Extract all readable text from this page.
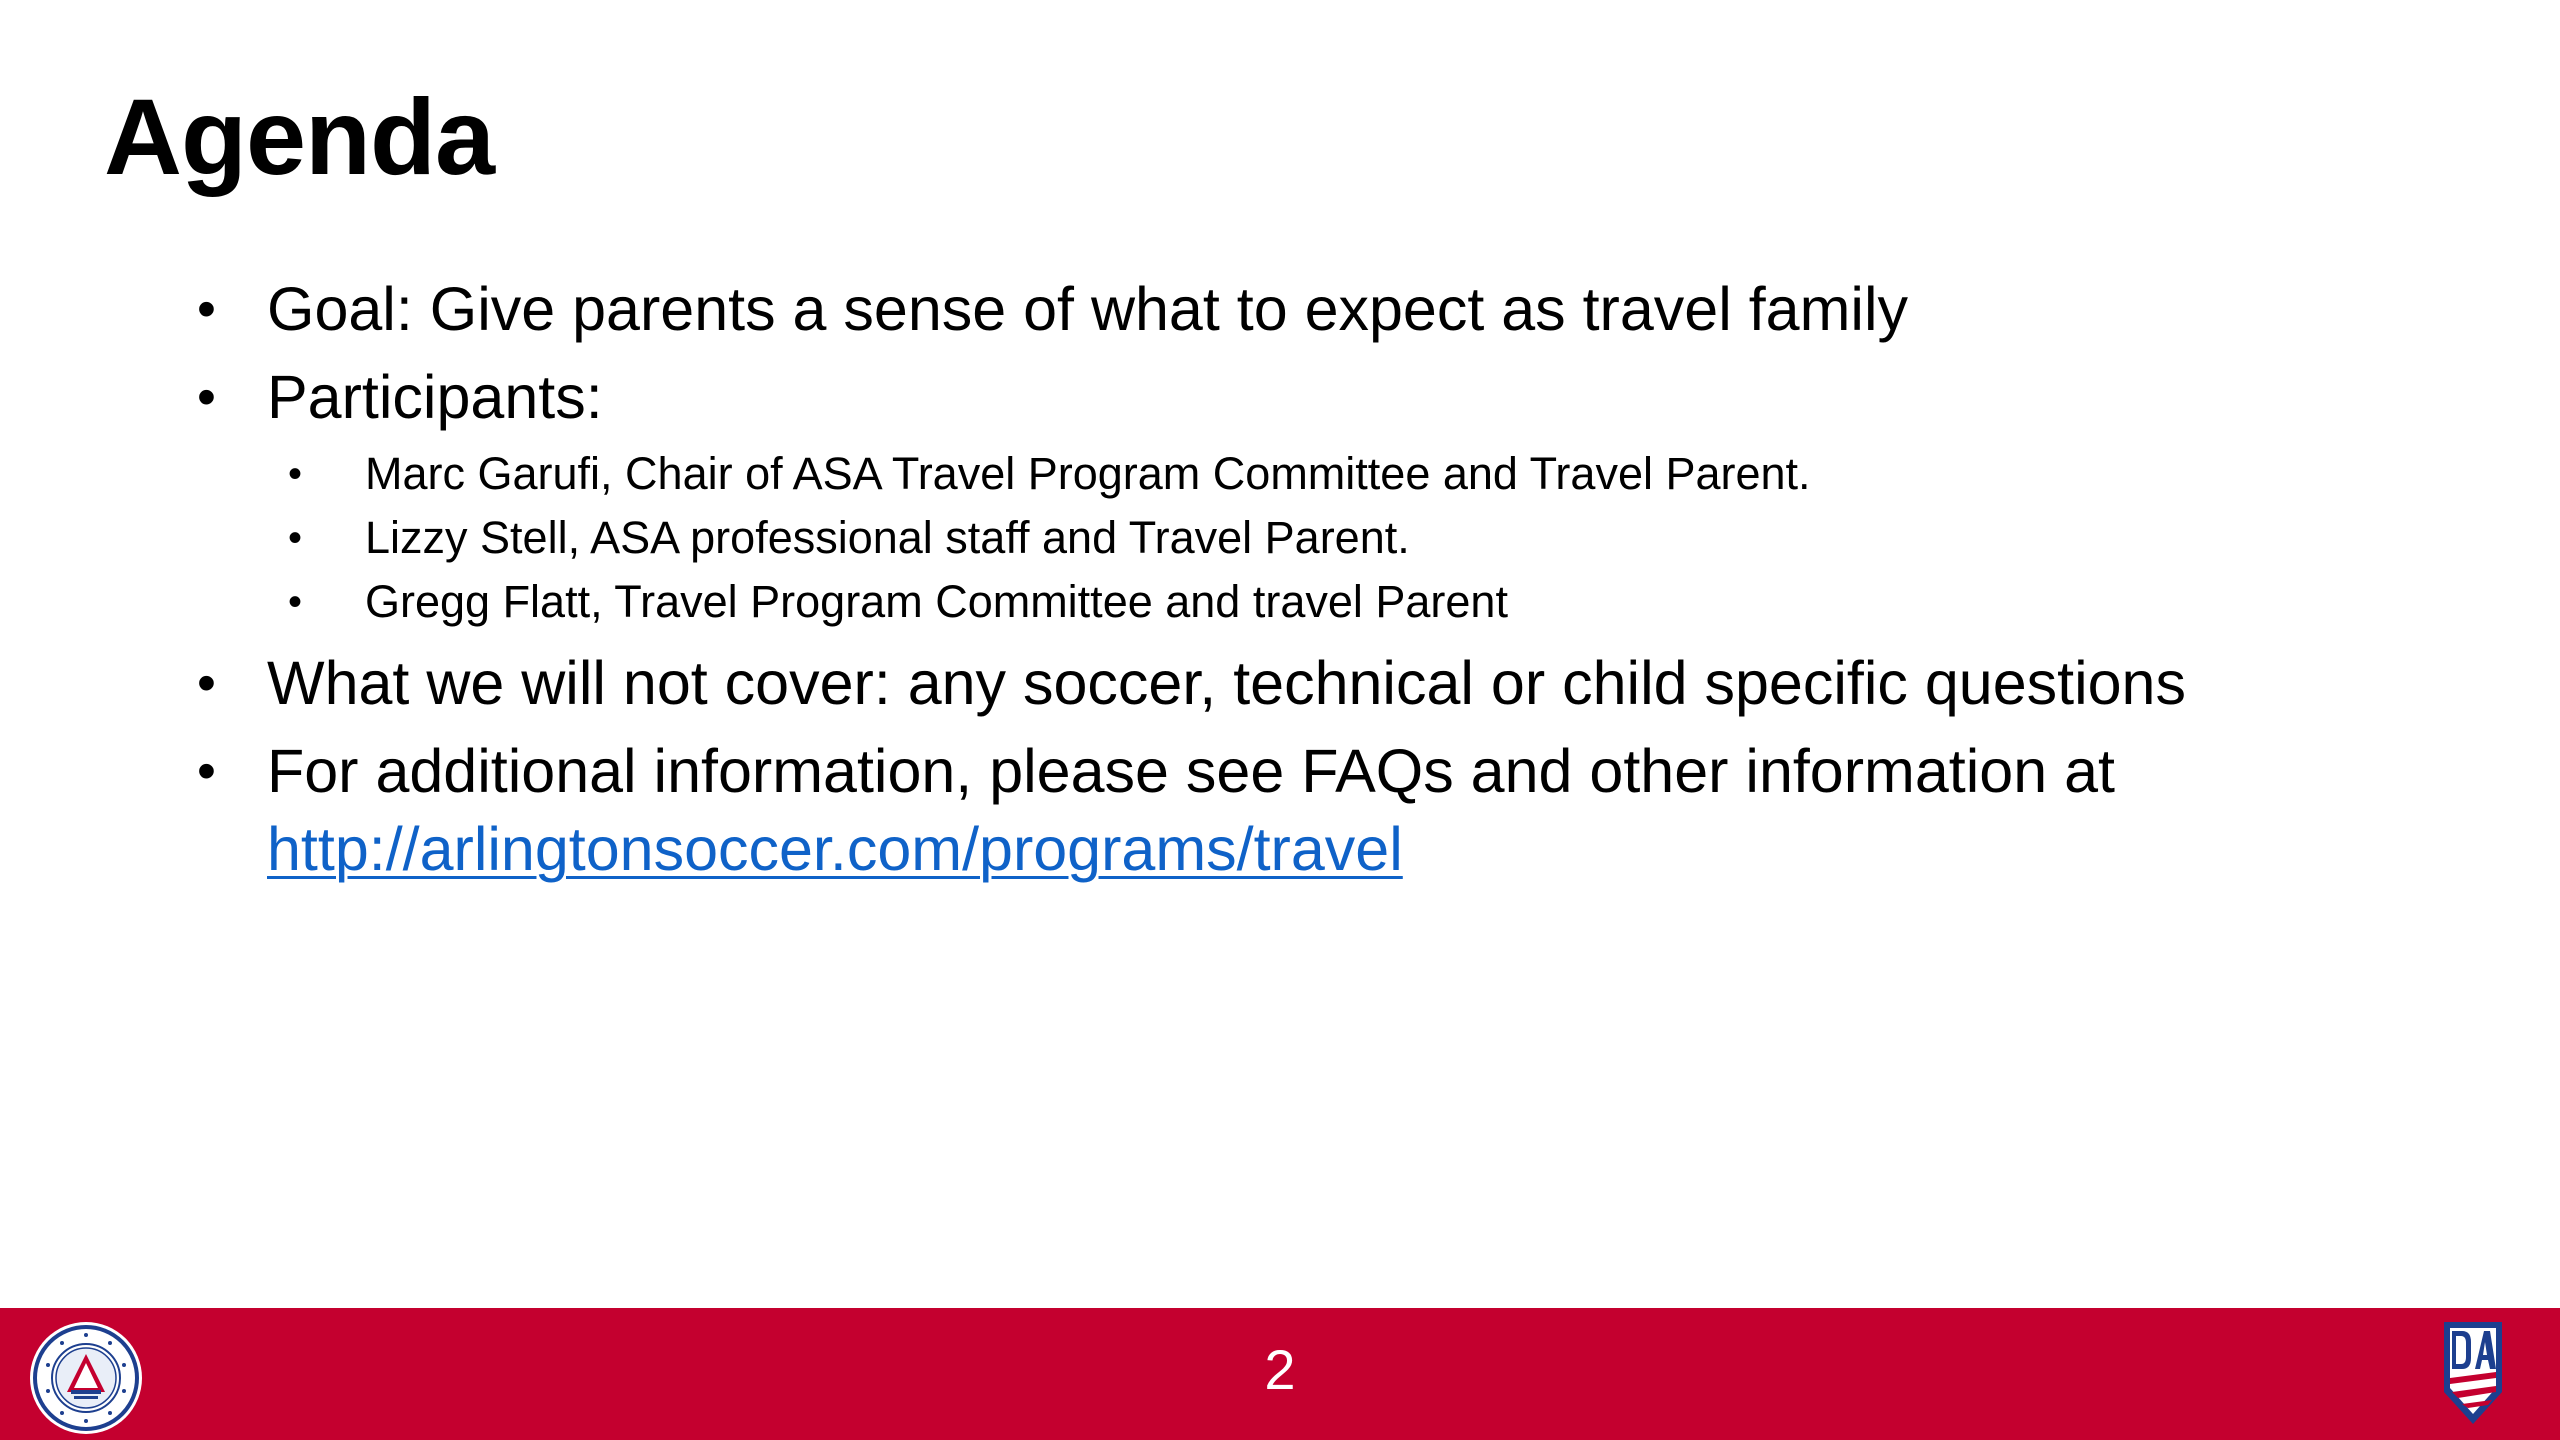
Agenda
• Goal: Give parents a sense of what to expect as travel family
• Participants:
• Marc Garufi, Chair of ASA Travel Program Committee and Travel Parent.
• Lizzy Stell, ASA professional staff and Travel Parent.
• Gregg Flatt, Travel Program Committee and travel Parent
• What we will not cover: any soccer, technical or child specific questions
• For additional information, please see FAQs and other information at
http://arlingtonsoccer.com/programs/travel
2
